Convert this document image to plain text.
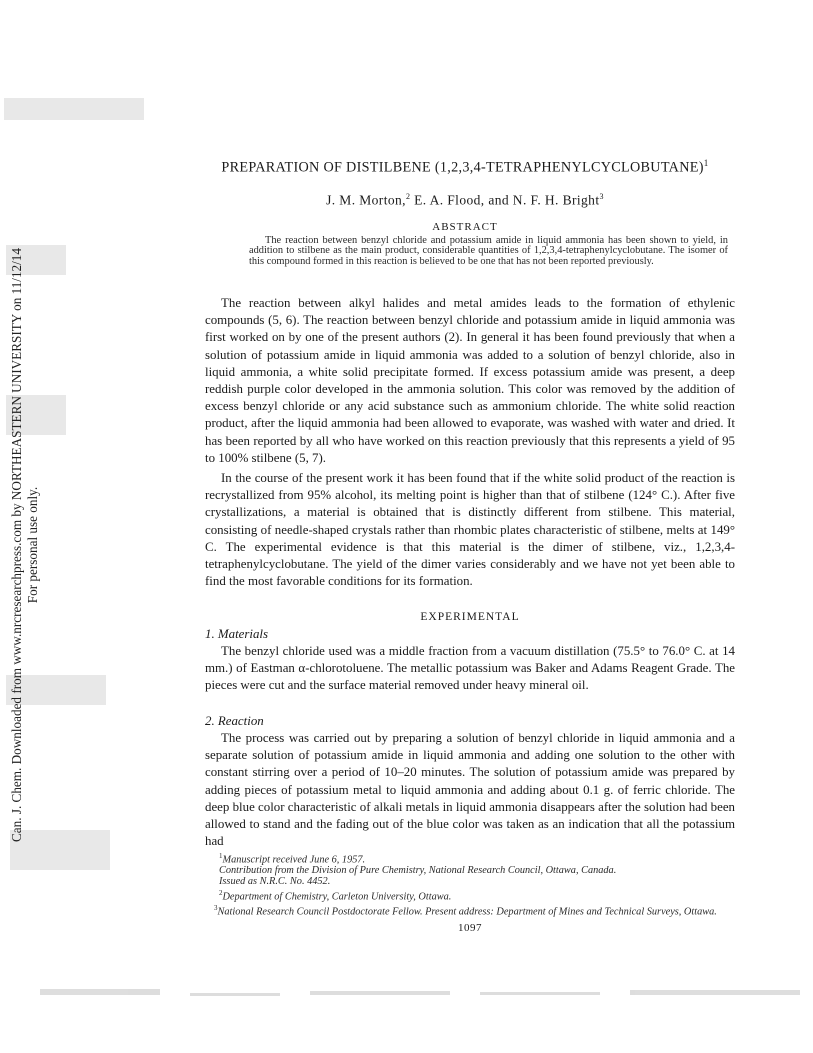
Can. J. Chem. Downloaded from www.nrcresearchpress.com by NORTHEASTERN UNIVERSITY on 11/12/14 For personal use only.
PREPARATION OF DISTILBENE (1,2,3,4-TETRAPHENYLCYCLOBUTANE)$^1$
J. M. Morton,$^2$ E. A. Flood, and N. F. H. Bright$^3$
ABSTRACT
The reaction between benzyl chloride and potassium amide in liquid ammonia has been shown to yield, in addition to stilbene as the main product, considerable quantities of 1,2,3,4-tetraphenylcyclobutane. The isomer of this compound formed in this reaction is believed to be one that has not been reported previously.

The reaction between alkyl halides and metal amides leads to the formation of ethylenic compounds (5, 6). The reaction between benzyl chloride and potassium amide in liquid ammonia was first worked on by one of the present authors (2). In general it has been found previously that when a solution of potassium amide in liquid ammonia was added to a solution of benzyl chloride, also in liquid ammonia, a white solid precipitate formed. If excess potassium amide was present, a deep reddish purple color developed in the ammonia solution. This color was removed by the addition of excess benzyl chloride or any acid substance such as ammonium chloride. The white solid reaction product, after the liquid ammonia had been allowed to evaporate, was washed with water and dried. It has been reported by all who have worked on this reaction previously that this represents a yield of 95 to 100% stilbene (5, 7).

In the course of the present work it has been found that if the white solid product of the reaction is recrystallized from 95% alcohol, its melting point is higher than that of stilbene (124° C.). After five crystallizations, a material is obtained that is distinctly different from stilbene. This material, consisting of needle-shaped crystals rather than rhombic plates characteristic of stilbene, melts at 149° C. The experimental evidence is that this material is the dimer of stilbene, viz., 1,2,3,4-tetraphenylcyclobutane. The yield of the dimer varies considerably and we have not yet been able to find the most favorable conditions for its formation.

EXPERIMENTAL
1. Materials

The benzyl chloride used was a middle fraction from a vacuum distillation (75.5° to 76.0° C. at 14 mm.) of Eastman α-chlorotoluene. The metallic potassium was Baker and Adams Reagent Grade. The pieces were cut and the surface material removed under heavy mineral oil.

2. Reaction

The process was carried out by preparing a solution of benzyl chloride in liquid ammonia and a separate solution of potassium amide in liquid ammonia and adding one solution to the other with constant stirring over a period of 10–20 minutes. The solution of potassium amide was prepared by adding pieces of potassium metal to liquid ammonia and adding about 0.1 g. of ferric chloride. The deep blue color characteristic of alkali metals in liquid ammonia disappears after the solution had been allowed to stand and the fading out of the blue color was taken as an indication that all the potassium had

$^1$Manuscript received June 6, 1957.
Contribution from the Division of Pure Chemistry, National Research Council, Ottawa, Canada.
Issued as N.R.C. No. 4452.
$^2$Department of Chemistry, Carleton University, Ottawa.
$^3$National Research Council Postdoctorate Fellow. Present address: Department of Mines and Technical Surveys, Ottawa.
1097
